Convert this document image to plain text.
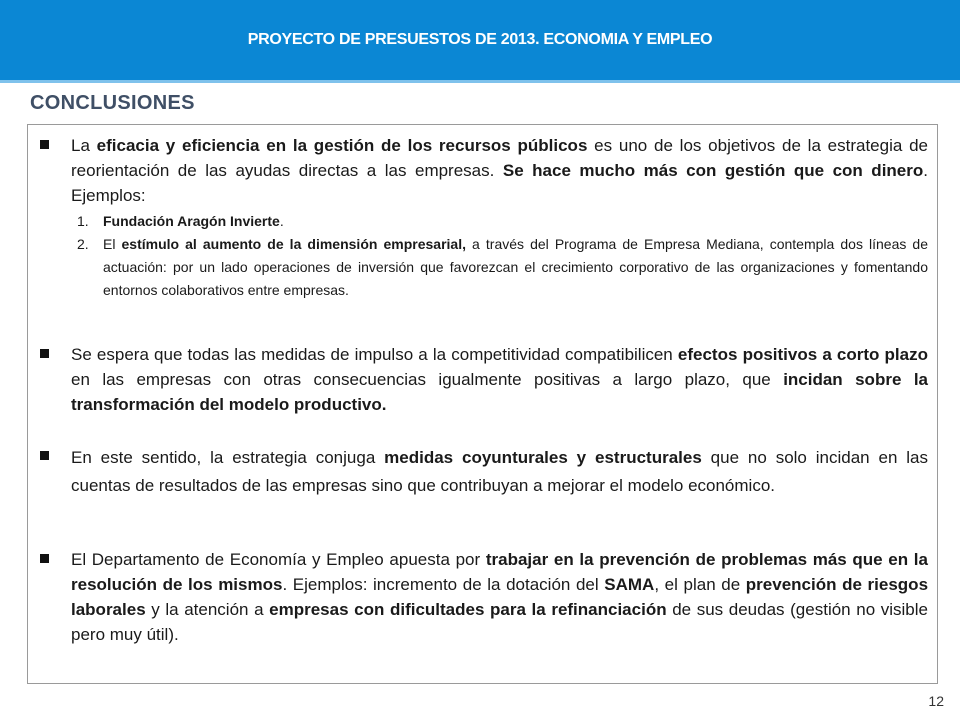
PROYECTO DE PRESUESTOS DE 2013. ECONOMIA Y EMPLEO
CONCLUSIONES
La eficacia y eficiencia en la gestión de los recursos públicos es uno de los objetivos de la estrategia de reorientación de las ayudas directas a las empresas. Se hace mucho más con gestión que con dinero. Ejemplos:
1.	Fundación Aragón Invierte.
2.	El estímulo al aumento de la dimensión empresarial, a través del Programa de Empresa Mediana, contempla dos líneas de actuación: por un lado operaciones de inversión que favorezcan el crecimiento corporativo de las organizaciones y fomentando entornos colaborativos entre empresas.
Se espera que todas las medidas de impulso a la competitividad compatibilicen efectos positivos a corto plazo en las empresas con otras consecuencias igualmente positivas a largo plazo, que incidan sobre la transformación del modelo productivo.
En este sentido, la estrategia conjuga medidas coyunturales y estructurales que no solo incidan en las cuentas de resultados de las empresas sino que contribuyan a mejorar el modelo económico.
El Departamento de Economía y Empleo apuesta por trabajar en la prevención de problemas más que en la resolución de los mismos. Ejemplos: incremento de la dotación del SAMA, el plan de prevención de riesgos laborales y la atención a empresas con dificultades para la refinanciación de sus deudas (gestión no visible pero muy útil).
12
